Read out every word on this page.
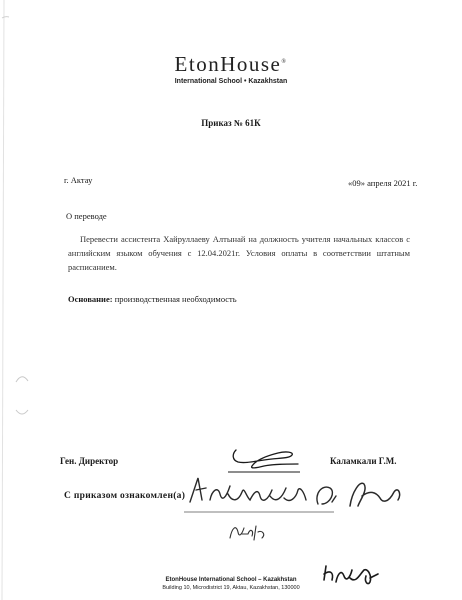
EtonHouse®
International School • Kazakhstan
Приказ № 61К
г. Актау	«09» апреля 2021 г.
О переводе
Перевести ассистента Хайруллаеву Алтынай на должность учителя начальных классов с английским языком обучения с 12.04.2021г. Условия оплаты в соответствии штатным расписанием.
Основание: производственная необходимость
Ген. Директор	Каламкали Г.М.
С приказом ознакомлен(а)
EtonHouse International School – Kazakhstan
Building 10, Microdistrict 19, Aktau, Kazakhstan, 130000
